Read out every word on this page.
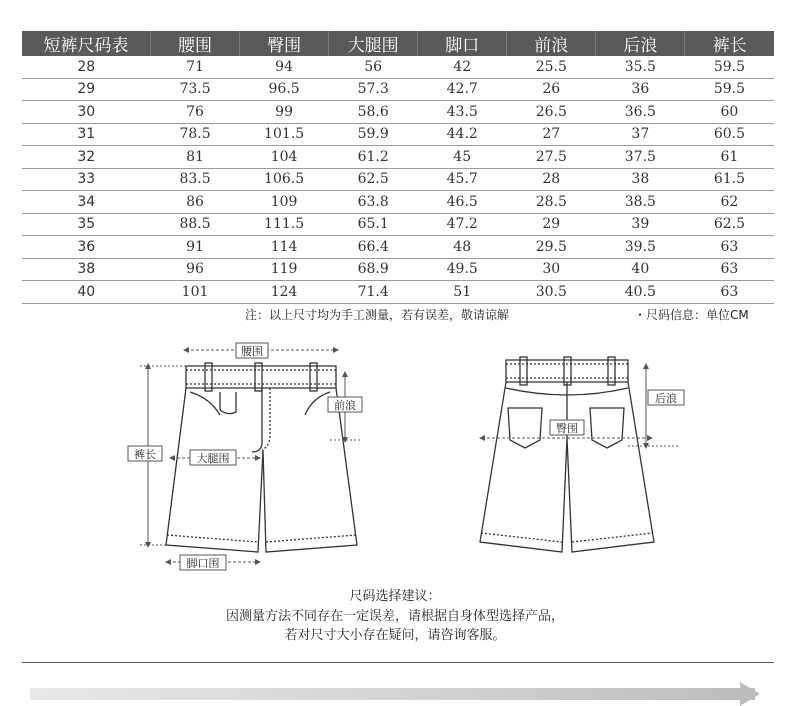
短裤尺码表	腰围	臀围	大腿围	脚口	前浪	后浪	裤长
28	71	94	56	42	25.5	35.5	59.5
29	73.5	96.5	57.3	42.7	26	36	59.5
30	76	99	58.6	43.5	26.5	36.5	60
31	78.5	101.5	59.9	44.2	27	37	60.5
32	81	104	61.2	45	27.5	37.5	61
33	83.5	106.5	62.5	45.7	28	38	61.5
34	86	109	63.8	46.5	28.5	38.5	62
35	88.5	111.5	65.1	47.2	29	39	62.5
36	91	114	66.4	48	29.5	39.5	63
38	96	119	68.9	49.5	30	40	63
40	101	124	71.4	51	30.5	40.5	63
注：以上尺寸均为手工测量，若有误差，敬请谅解	・尺码信息：单位CM
腰围
前浪
裤长	大腿围
脚口围
后浪
臀围
尺码选择建议：
因测量方法不同存在一定误差，请根据自身体型选择产品，
若对尺寸大小存在疑问，请咨询客服。
